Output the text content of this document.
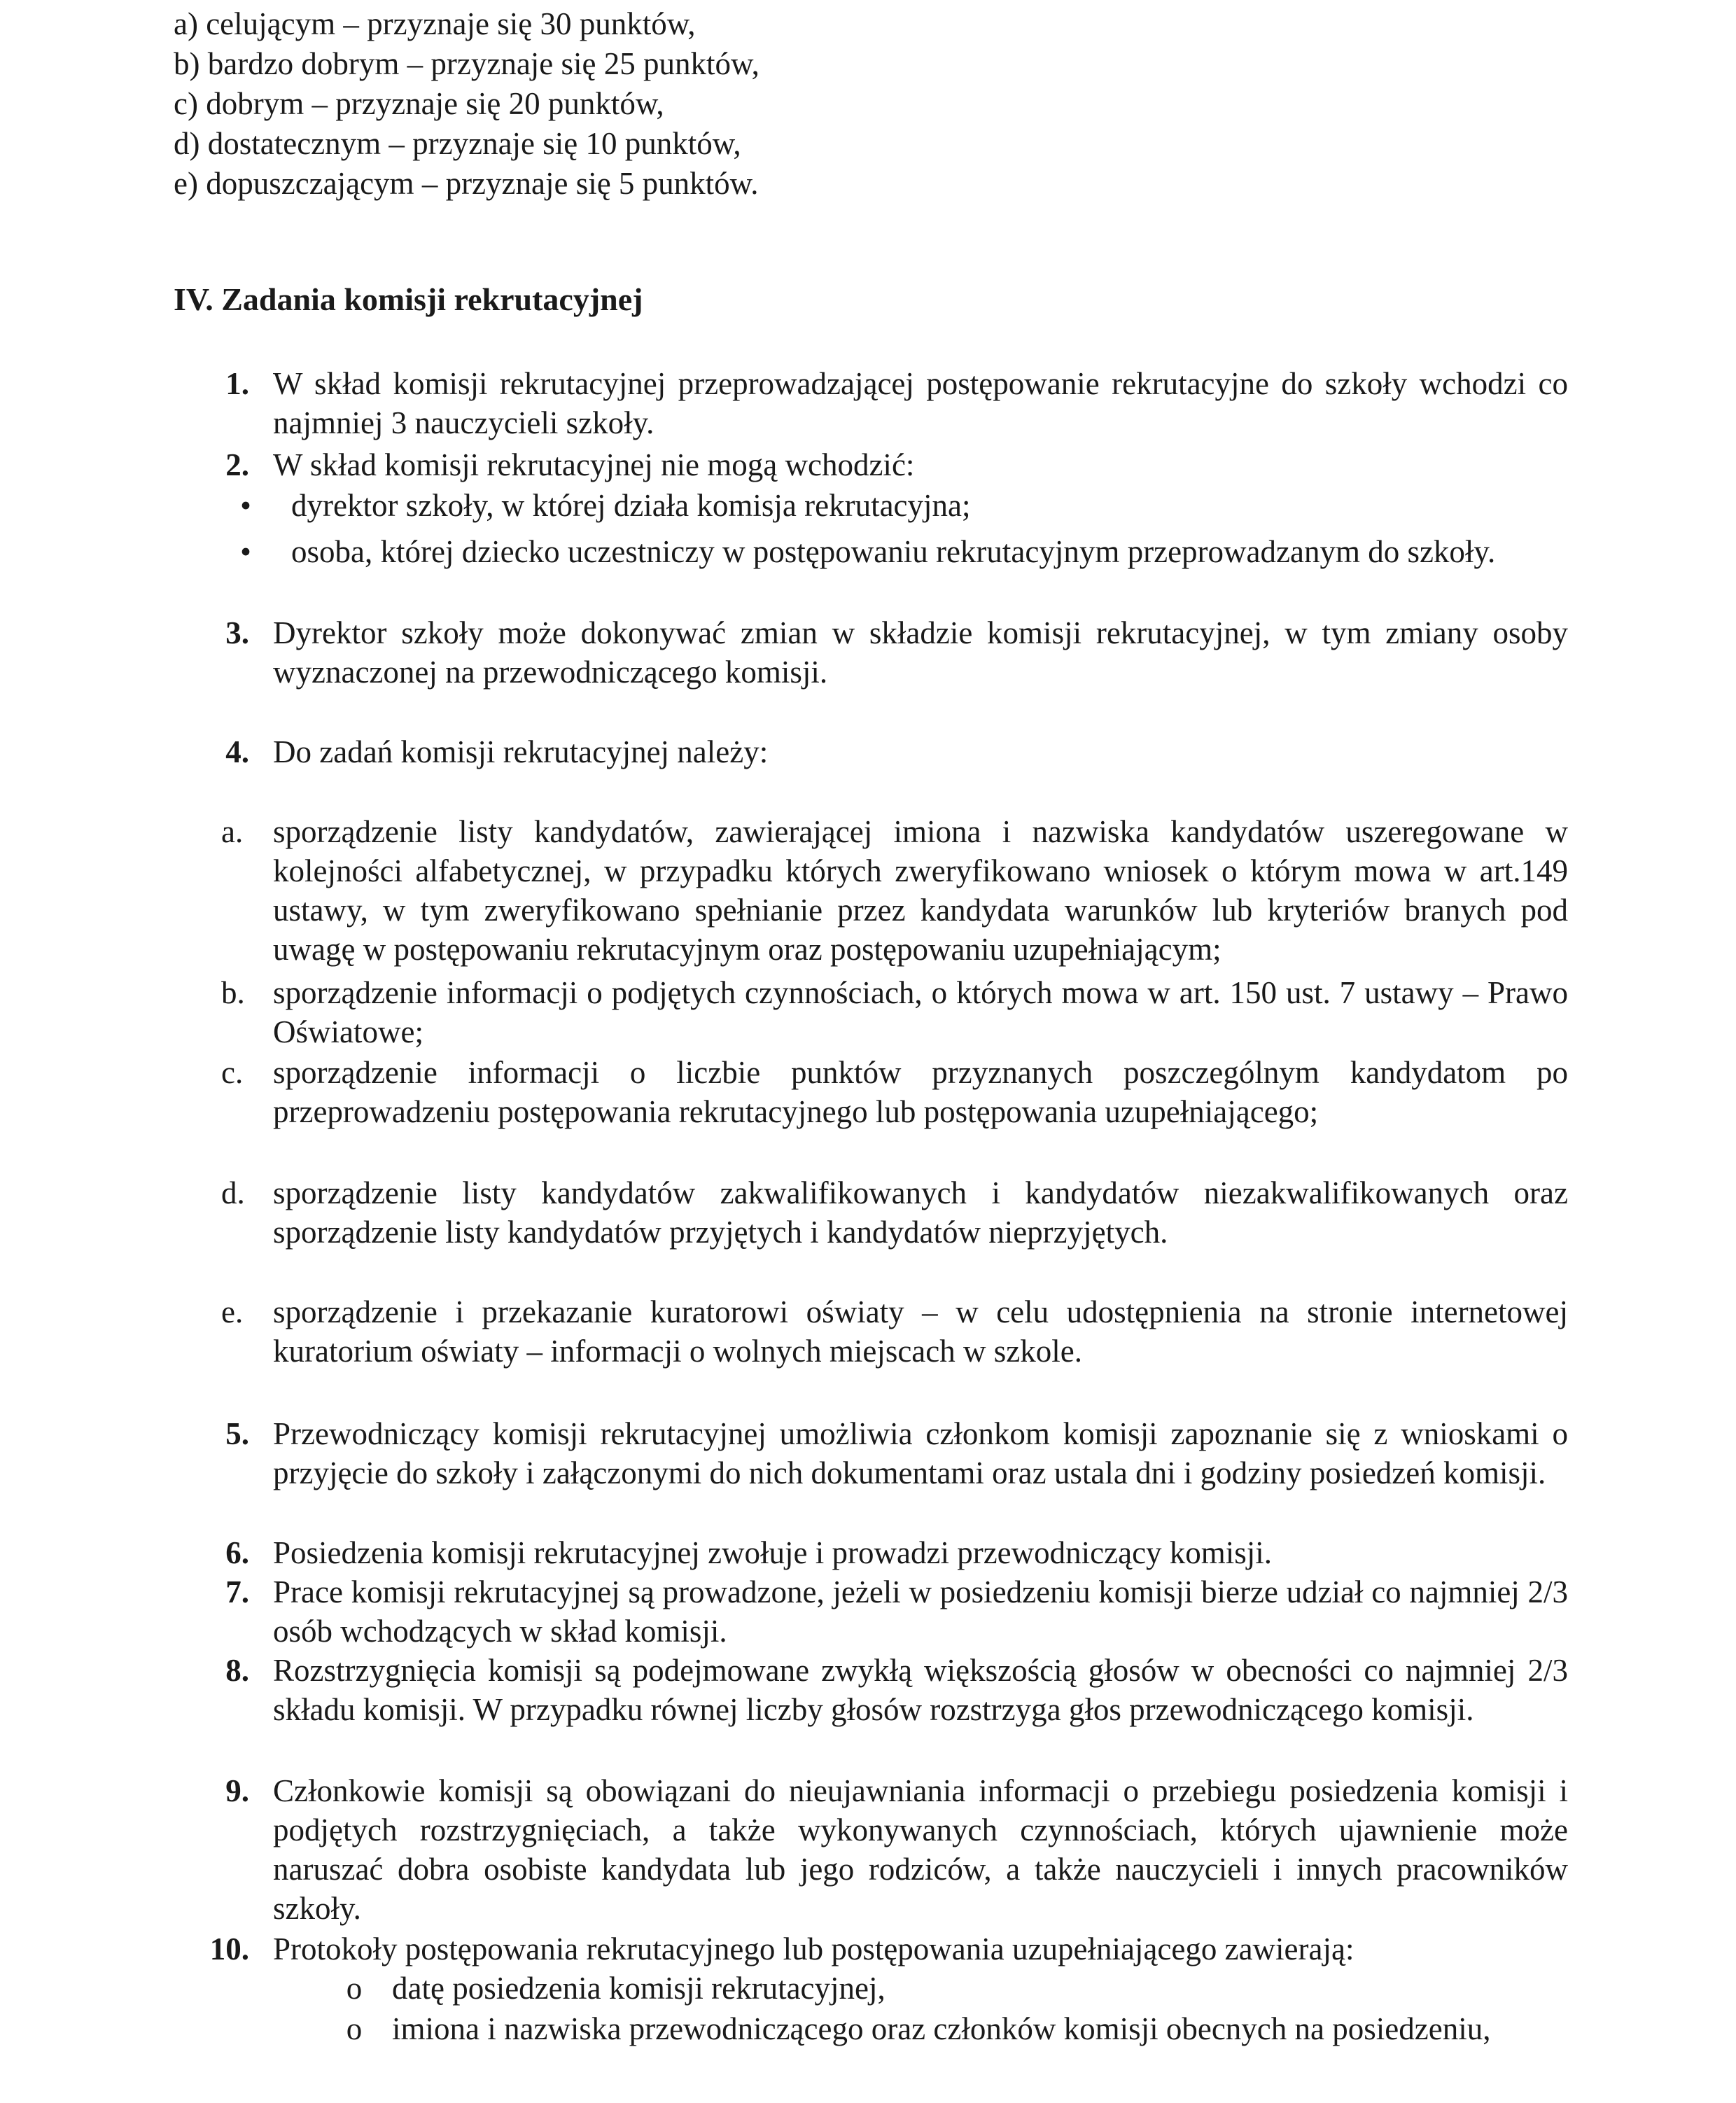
a) celującym – przyznaje się 30 punktów,
b) bardzo dobrym – przyznaje się 25 punktów,
c) dobrym – przyznaje się 20 punktów,
d) dostatecznym – przyznaje się 10 punktów,
e) dopuszczającym – przyznaje się 5 punktów.
IV. Zadania komisji rekrutacyjnej
1. W skład komisji rekrutacyjnej przeprowadzającej postępowanie rekrutacyjne do szkoły wchodzi co najmniej 3 nauczycieli szkoły.
2. W skład komisji rekrutacyjnej nie mogą wchodzić:
• dyrektor szkoły, w której działa komisja rekrutacyjna;
• osoba, której dziecko uczestniczy w postępowaniu rekrutacyjnym przeprowadzanym do szkoły.
3. Dyrektor szkoły może dokonywać zmian w składzie komisji rekrutacyjnej, w tym zmiany osoby wyznaczonej na przewodniczącego komisji.
4. Do zadań komisji rekrutacyjnej należy:
a. sporządzenie listy kandydatów, zawierającej imiona i nazwiska kandydatów uszeregowane w kolejności alfabetycznej, w przypadku których zweryfikowano wniosek o którym mowa w art.149 ustawy, w tym zweryfikowano spełnianie przez kandydata warunków lub kryteriów branych pod uwagę w postępowaniu rekrutacyjnym oraz postępowaniu uzupełniającym;
b. sporządzenie informacji o podjętych czynnościach, o których mowa w art. 150 ust. 7 ustawy – Prawo Oświatowe;
c. sporządzenie informacji o liczbie punktów przyznanych poszczególnym kandydatom po przeprowadzeniu postępowania rekrutacyjnego lub postępowania uzupełniającego;
d. sporządzenie listy kandydatów zakwalifikowanych i kandydatów niezakwalifikowanych oraz sporządzenie listy kandydatów przyjętych i kandydatów nieprzyjętych.
e. sporządzenie i przekazanie kuratorowi oświaty – w celu udostępnienia na stronie internetowej kuratorium oświaty – informacji o wolnych miejscach w szkole.
5. Przewodniczący komisji rekrutacyjnej umożliwia członkom komisji zapoznanie się z wnioskami o przyjęcie do szkoły i załączonymi do nich dokumentami oraz ustala dni i godziny posiedzeń komisji.
6. Posiedzenia komisji rekrutacyjnej zwołuje i prowadzi przewodniczący komisji.
7. Prace komisji rekrutacyjnej są prowadzone, jeżeli w posiedzeniu komisji bierze udział co najmniej 2/3 osób wchodzących w skład komisji.
8. Rozstrzygnięcia komisji są podejmowane zwykłą większością głosów w obecności co najmniej 2/3 składu komisji. W przypadku równej liczby głosów rozstrzyga głos przewodniczącego komisji.
9. Członkowie komisji są obowiązani do nieujawniania informacji o przebiegu posiedzenia komisji i podjętych rozstrzygnięciach, a także wykonywanych czynnościach, których ujawnienie może naruszać dobra osobiste kandydata lub jego rodziców, a także nauczycieli i innych pracowników szkoły.
10. Protokoły postępowania rekrutacyjnego lub postępowania uzupełniającego zawierają:
o datę posiedzenia komisji rekrutacyjnej,
o imiona i nazwiska przewodniczącego oraz członków komisji obecnych na posiedzeniu,
